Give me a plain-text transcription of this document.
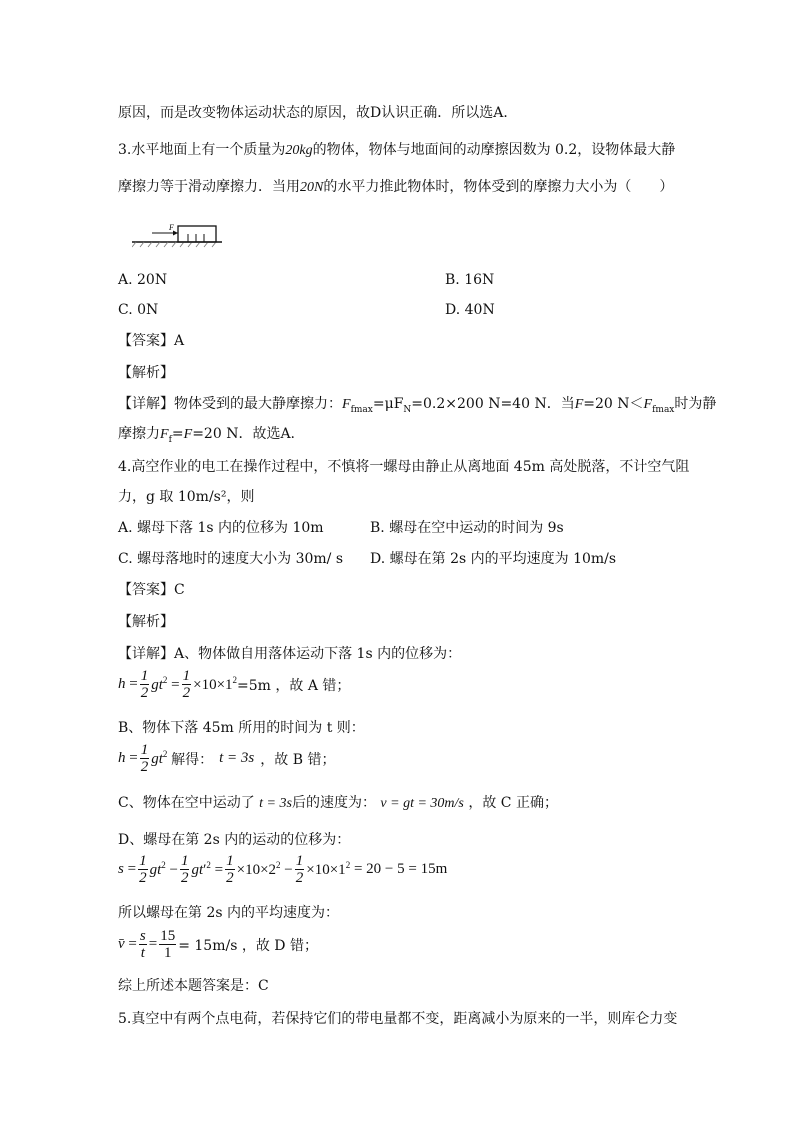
原因，而是改变物体运动状态的原因，故D认识正确．所以选A．
3.水平地面上有一个质量为20kg的物体，物体与地面间的动摩擦因数为 0.2，设物体最大静
摩擦力等于滑动摩擦力．当用20N的水平力推此物体时，物体受到的摩擦力大小为（　　）
F
A. 20N	B. 16N
C. 0N	D. 40N
【答案】A
【解析】
【详解】物体受到的最大静摩擦力：$F_{fmax}=\mu F_N=0.2\times 200$ N=40 N．当F=20 $N<F_{fmax}$时为静
摩擦力$F_f=F=20$ N．故选A.
4.高空作业的电工在操作过程中，不慎将一螺母由静止从离地面 45m 高处脱落，不计空气阻
力，g 取 10m/s²，则
A. 螺母下落 1s 内的位移为 10m	B. 螺母在空中运动的时间为 9s
C. 螺母落地时的速度大小为 30m/ s D. 螺母在第 2s 内的平均速度为 10m/s
【答案】C
【解析】
【详解】A、物体做自用落体运动下落 1s 内的位移为：
$h = \frac{1}{2} gt^2 = \frac{1}{2} \times 10\times 1^2 =5m$ ，故 A 错；
B、物体下落 45m 所用的时间为 t 则：
$h = \frac{1}{2} gt^2$ 解得： t = 3s ，故 B 错；
C、物体在空中运动了 t = 3s后的速度为： v = gt = 30m/s ，故 C 正确；
D、螺母在第 2s 内的运动的位移为：
$s = \frac{1}{2} gt^2 - \frac{1}{2} gt'^2 = \frac{1}{2} \times 10\times 2^2 - \frac{1}{2} \times 10\times 1^2 = 20 - 5 = 15m$
所以螺母在第 2s 内的平均速度为：
v̄ = $\frac{s}{t} = \frac{15}{1} = 15m/s$ ，故 D 错；
综上所述本题答案是：C
5.真空中有两个点电荷，若保持它们的带电量都不变，距离减小为原来的一半，则库仑力变
